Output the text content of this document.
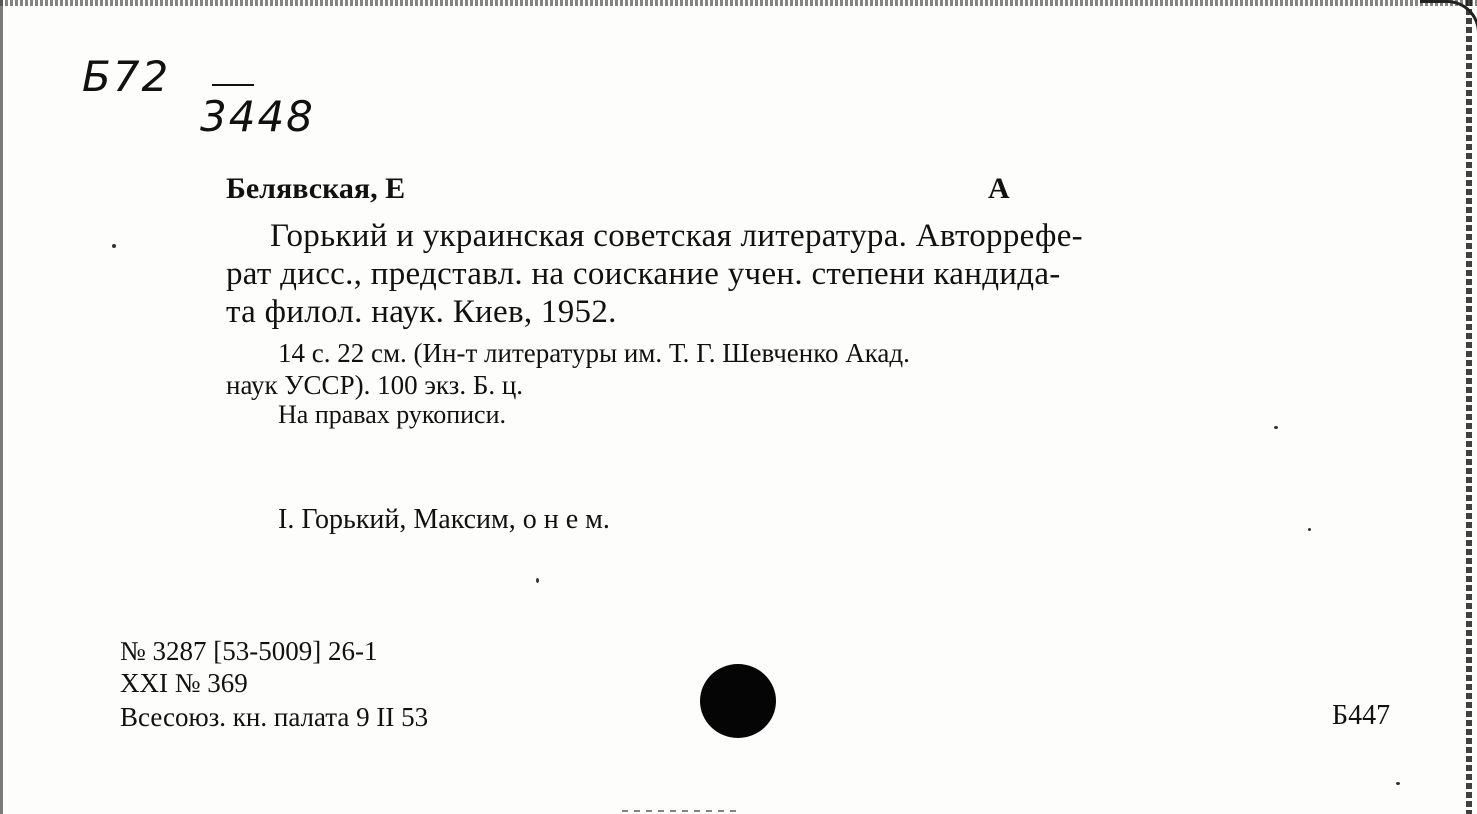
Б72
3448
Белявская, Е	А
Горький и украинская советская литература. Авторрефе-
рат дисс., представл. на соискание учен. степени кандида-
та филол. наук. Киев, 1952.
14 с. 22 см. (Ин-т литературы им. Т. Г. Шевченко Акад.
наук УССР). 100 экз. Б. ц.
На правах рукописи.
I. Горький, Максим, о н е м.
№ 3287 [53-5009] 26-1
XXI № 369
Всесоюз. кн. палата 9 II 53	Б447
